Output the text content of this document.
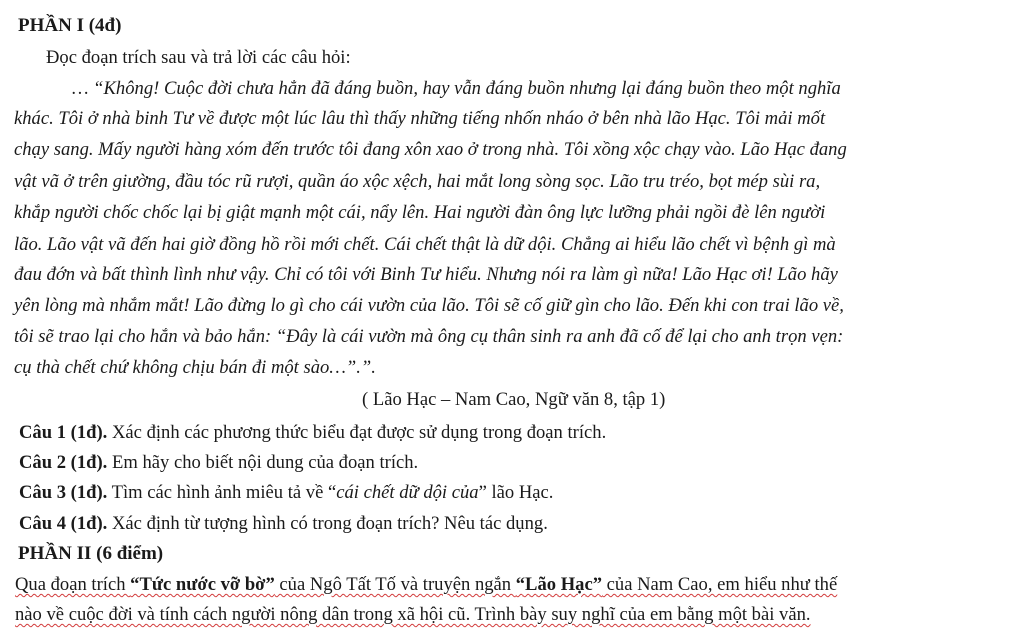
PHẦN I (4đ)
Đọc đoạn trích sau và trả lời các câu hỏi:
… “Không! Cuộc đời chưa hẳn đã đáng buồn, hay vẫn đáng buồn nhưng lại đáng buồn theo một nghĩa
khác. Tôi ở nhà binh Tư về được một lúc lâu thì thấy những tiếng nhốn nháo ở bên nhà lão Hạc. Tôi mải mốt
chạy sang. Mấy người hàng xóm đến trước tôi đang xôn xao ở trong nhà. Tôi xồng xộc chạy vào. Lão Hạc đang
vật vã ở trên giường, đầu tóc rũ rượi, quần áo xộc xệch, hai mắt long sòng sọc. Lão tru tréo, bọt mép sùi ra,
khắp người chốc chốc lại bị giật mạnh một cái, nẩy lên. Hai người đàn ông lực lưỡng phải ngồi đè lên người
lão. Lão vật vã đến hai giờ đồng hồ rồi mới chết. Cái chết thật là dữ dội. Chẳng ai hiểu lão chết vì bệnh gì mà
đau đớn và bất thình lình như vậy. Chỉ có tôi với Binh Tư hiểu. Nhưng nói ra làm gì nữa! Lão Hạc ơi! Lão hãy
yên lòng mà nhắm mắt! Lão đừng lo gì cho cái vườn của lão. Tôi sẽ cố giữ gìn cho lão. Đến khi con trai lão về,
tôi sẽ trao lại cho hắn và bảo hắn: “Đây là cái vườn mà ông cụ thân sinh ra anh đã cố để lại cho anh trọn vẹn:
cụ thà chết chứ không chịu bán đi một sào…”.”.
( Lão Hạc – Nam Cao, Ngữ văn 8, tập 1)
Câu 1 (1đ). Xác định các phương thức biểu đạt được sử dụng trong đoạn trích.
Câu 2 (1đ). Em hãy cho biết nội dung của đoạn trích.
Câu 3 (1đ). Tìm các hình ảnh miêu tả về “cái chết dữ dội của” lão Hạc.
Câu 4 (1đ). Xác định từ tượng hình có trong đoạn trích? Nêu tác dụng.
PHẦN II (6 điểm)
Qua đoạn trích “Tức nước vỡ bờ” của Ngô Tất Tố và truyện ngắn “Lão Hạc” của Nam Cao, em hiểu như thế
nào về cuộc đời và tính cách người nông dân trong xã hội cũ. Trình bày suy nghĩ của em bằng một bài văn.
